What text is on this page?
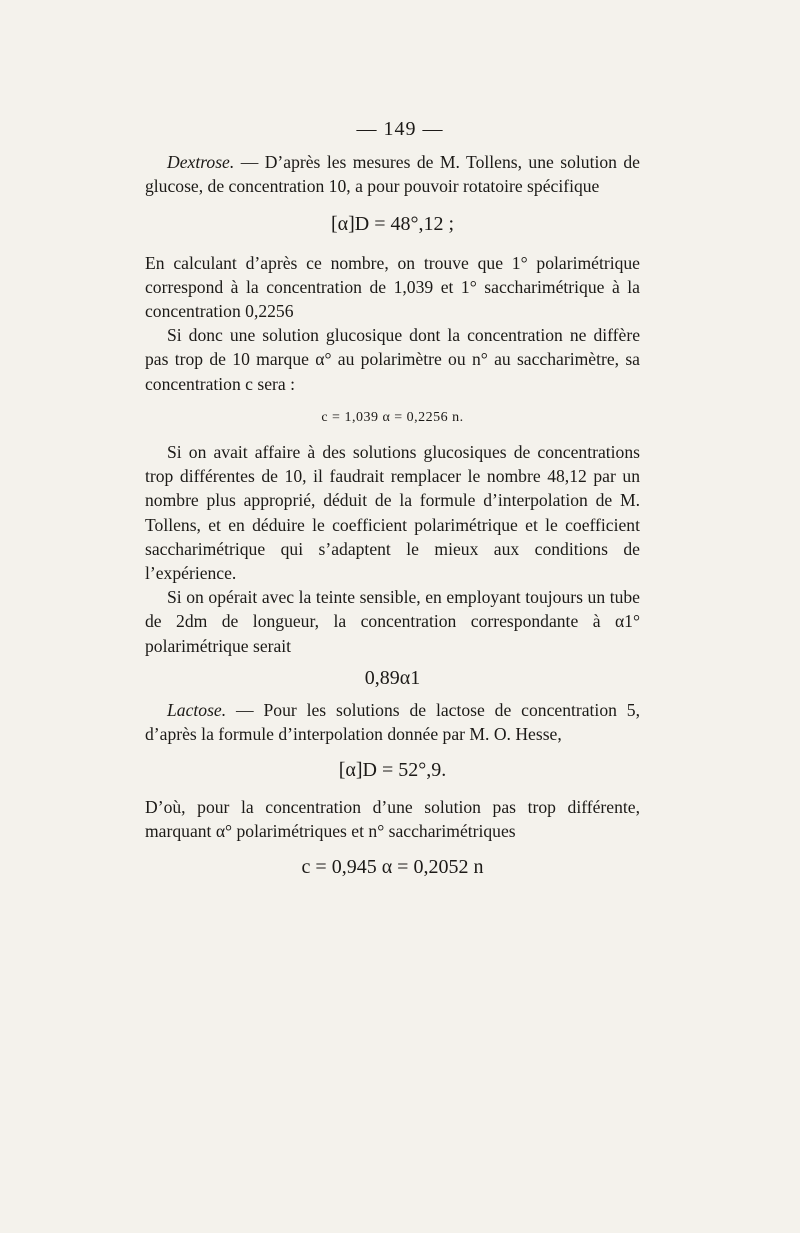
— 149 —

Dextrose. — D’après les mesures de M. Tollens, une solution de glucose, de concentration 10, a pour pouvoir rotatoire spécifique

[α]D = 48°,12 ;

En calculant d’après ce nombre, on trouve que 1° polarimétrique correspond à la concentration de 1,039 et 1° saccharimétrique à la concentration 0,2256

Si donc une solution glucosique dont la concentration ne diffère pas trop de 10 marque α° au polarimètre ou n° au saccharimètre, sa concentration c sera :

c = 1,039 α = 0,2256 n.

Si on avait affaire à des solutions glucosiques de concentrations trop différentes de 10, il faudrait remplacer le nombre 48,12 par un nombre plus approprié, déduit de la formule d’interpolation de M. Tollens, et en déduire le coefficient polarimétrique et le coefficient saccharimétrique qui s’adaptent le mieux aux conditions de l’expérience.

Si on opérait avec la teinte sensible, en employant toujours un tube de 2dm de longueur, la concentration correspondante à α1° polarimétrique serait

0,89α1

Lactose. — Pour les solutions de lactose de concentration 5, d’après la formule d’interpolation donnée par M. O. Hesse,

[α]D = 52°,9.

D’où, pour la concentration d’une solution pas trop différente, marquant α° polarimétriques et n° saccharimétriques

c = 0,945 α = 0,2052 n
